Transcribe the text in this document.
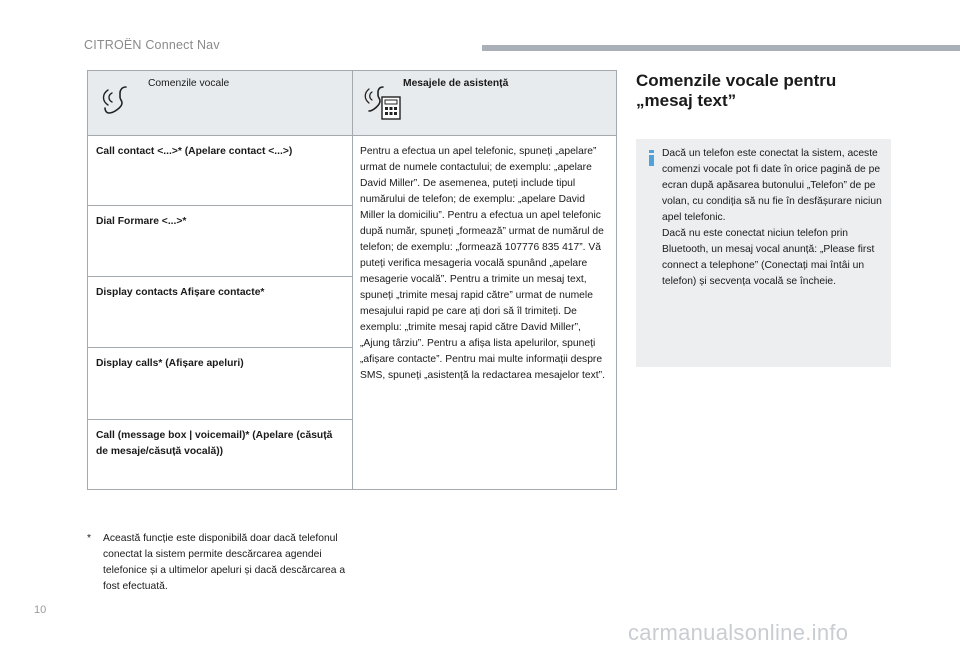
CITROËN Connect Nav
Comenzile vocale	Mesajele de asistență

Call contact <...>* (Apelare contact <...>)	Pentru a efectua un apel telefonic, spuneți „apelare” urmat de numele contactului; de exemplu: „apelare David Miller”. De asemenea, puteți include tipul numărului de telefon; de exemplu: „apelare David Miller la domiciliu”. Pentru a efectua un apel telefonic după număr, spuneți „formează” urmat de numărul de telefon; de exemplu: „formează 107776 835 417”. Vă puteți verifica mesageria vocală spunând „apelare mesagerie vocală”. Pentru a trimite un mesaj text, spuneți „trimite mesaj rapid către” urmat de numele mesajului rapid pe care ați dori să îl trimiteți. De exemplu: „trimite mesaj rapid către David Miller”, „Ajung târziu”. Pentru a afișa lista apelurilor, spuneți „afișare contacte”. Pentru mai multe informații despre SMS, spuneți „asistență la redactarea mesajelor text”.
Dial Formare <...>*	
Display contacts Afișare contacte*	
Display calls* (Afișare apeluri)	
Call (message box | voicemail)* (Apelare (căsuță de mesaje/căsuță vocală))	
*	Această funcție este disponibilă doar dacă telefonul conectat la sistem permite descărcarea agendei telefonice și a ultimelor apeluri și dacă descărcarea a fost efectuată.
Comenzile vocale pentru „mesaj text”

Dacă un telefon este conectat la sistem, aceste comenzi vocale pot fi date în orice pagină de pe ecran după apăsarea butonului „Telefon” de pe volan, cu condiția să nu fie în desfășurare niciun apel telefonic.

Dacă nu este conectat niciun telefon prin Bluetooth, un mesaj vocal anunță: „Please first connect a telephone” (Conectați mai întâi un telefon) și secvența vocală se încheie.

10
carmanualsonline.info
